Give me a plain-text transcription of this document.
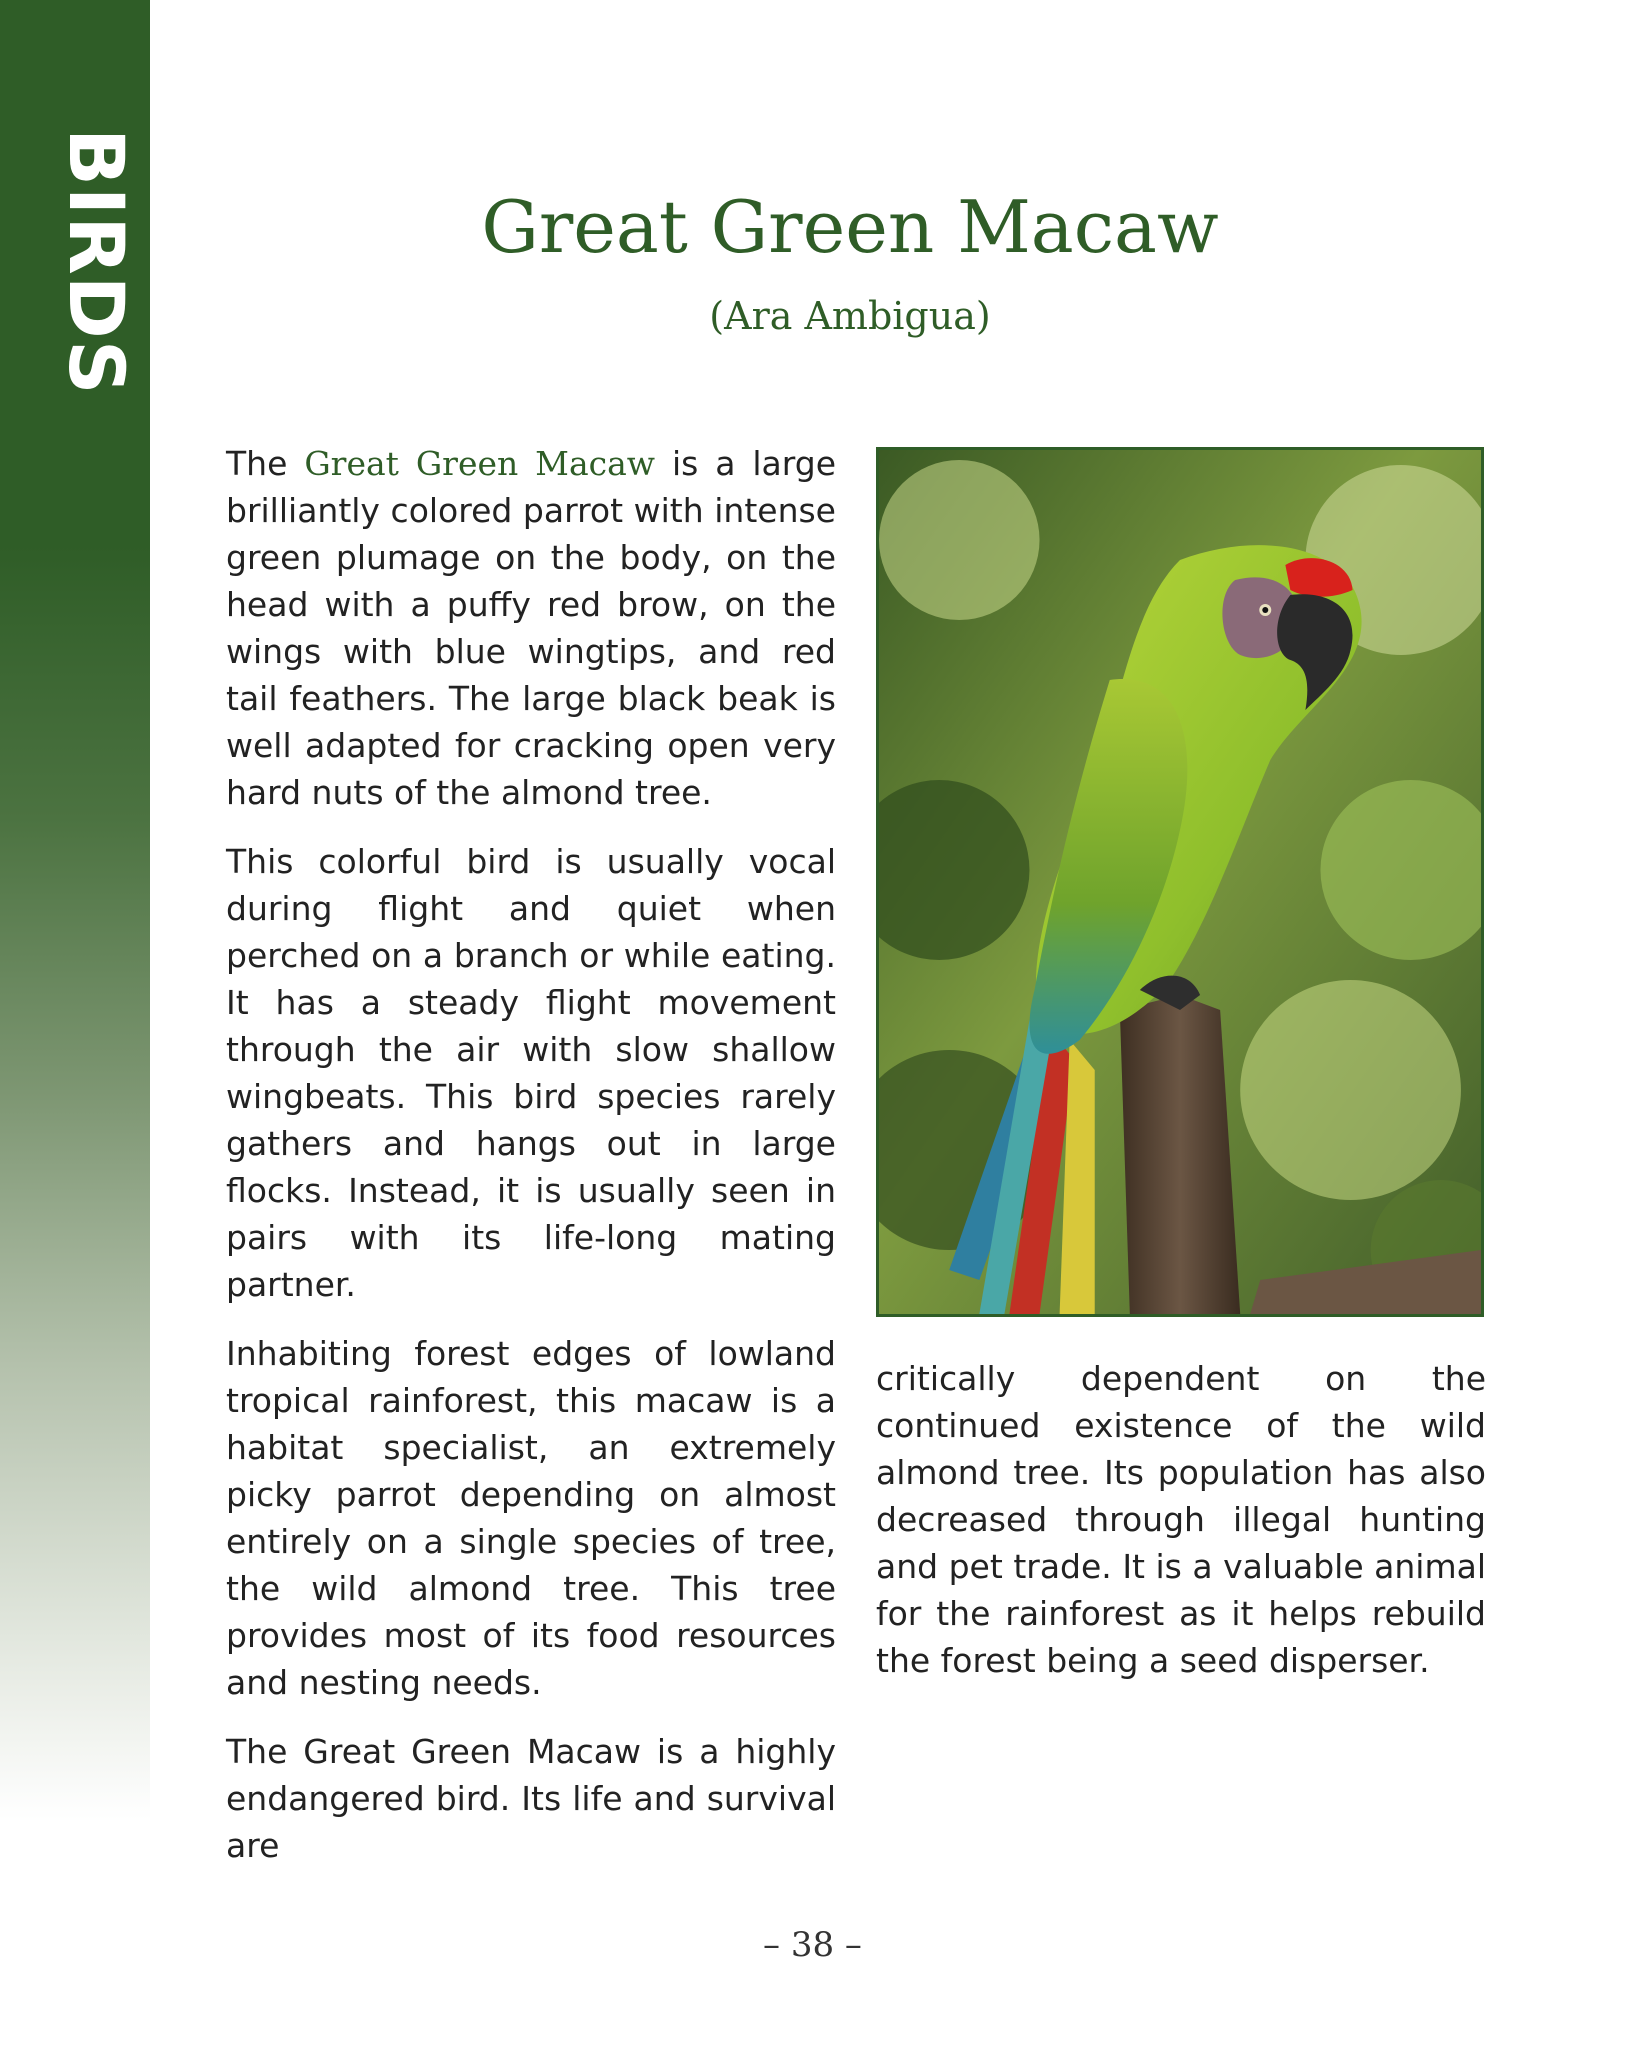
BIRDS	Great Green Macaw
(Ara Ambigua)

The Great Green Macaw is a large brilliantly colored parrot with intense green plumage on the body, on the head with a puffy red brow, on the wings with blue wingtips, and red tail feathers. The large black beak is well adapted for cracking open very hard nuts of the almond tree.

This colorful bird is usually vocal during flight and quiet when perched on a branch or while eating. It has a steady flight movement through the air with slow shallow wingbeats. This bird species rarely gathers and hangs out in large flocks. Instead, it is usually seen in pairs with its life-long mating partner.

Inhabiting forest edges of lowland tropical rainforest, this macaw is a habitat specialist, an extremely picky parrot depending on almost entirely on a single species of tree, the wild almond tree. This tree provides most of its food resources and nesting needs.

The Great Green Macaw is a highly endangered bird. Its life and survival are

critically dependent on the continued existence of the wild almond tree. Its population has also decreased through illegal hunting and pet trade. It is a valuable animal for the rainforest as it helps rebuild the forest being a seed disperser.

– 38 –
